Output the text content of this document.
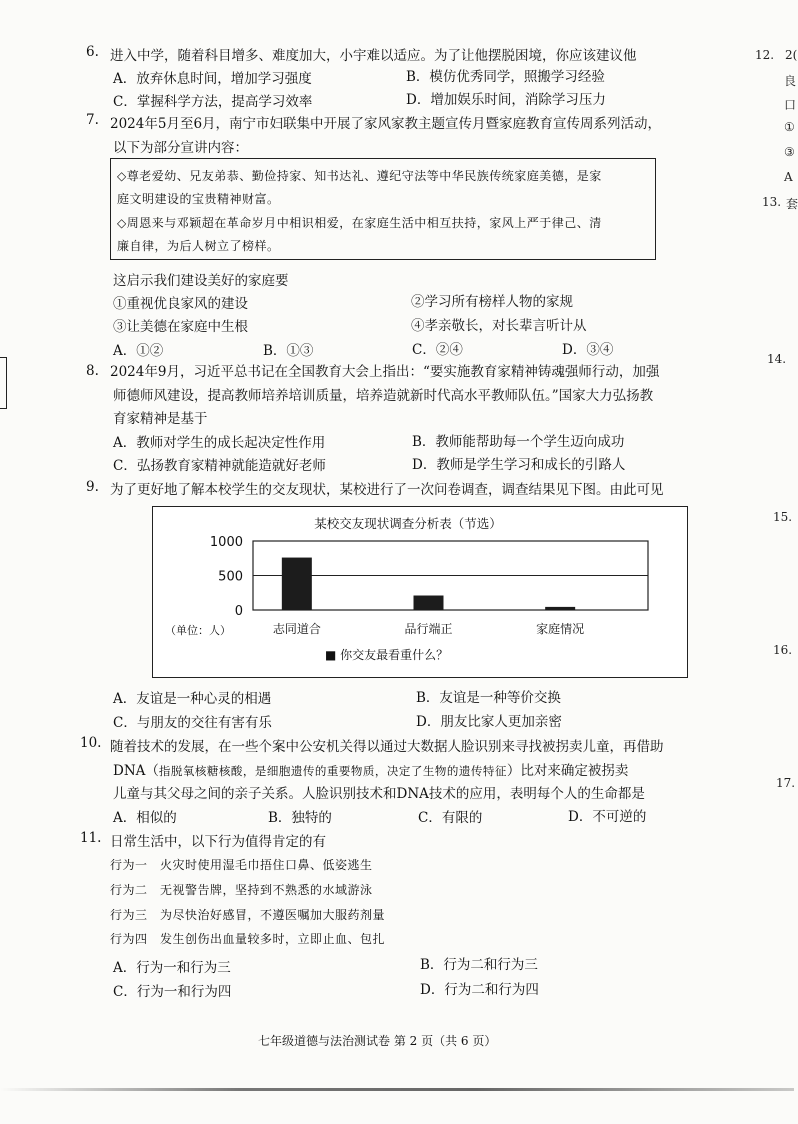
6. 进入中学，随着科目增多、难度加大，小宇难以适应。为了让他摆脱困境，你应该建议他
A．放弃休息时间，增加学习强度	B．模仿优秀同学，照搬学习经验
C．掌握科学方法，提高学习效率	D．增加娱乐时间，消除学习压力
7. 2024年5月至6月，南宁市妇联集中开展了家风家教主题宣传月暨家庭教育宣传周系列活动，
以下为部分宣讲内容：
◇尊老爱幼、兄友弟恭、勤俭持家、知书达礼、遵纪守法等中华民族传统家庭美德，是家
庭文明建设的宝贵精神财富。
◇周恩来与邓颖超在革命岁月中相识相爱，在家庭生活中相互扶持，家风上严于律己、清
廉自律，为后人树立了榜样。
这启示我们建设美好的家庭要
①重视优良家风的建设	②学习所有榜样人物的家规
③让美德在家庭中生根	④孝亲敬长，对长辈言听计从
A．①②	B．①③	C．②④	D．③④
8. 2024年9月，习近平总书记在全国教育大会上指出：“要实施教育家精神铸魂强师行动，加强
师德师风建设，提高教师培养培训质量，培养造就新时代高水平教师队伍。”国家大力弘扬教
育家精神是基于
A．教师对学生的成长起决定性作用	B．教师能帮助每一个学生迈向成功
C．弘扬教育家精神就能造就好老师	D．教师是学生学习和成长的引路人
9. 为了更好地了解本校学生的交友现状，某校进行了一次问卷调查，调查结果见下图。由此可见
某校交友现状调查分析表（节选）
1000
500
0
志同道合	品行端正	家庭情况
（单位：人）
■ 你交友最看重什么？
A．友谊是一种心灵的相遇	B．友谊是一种等价交换
C．与朋友的交往有害有乐	D．朋友比家人更加亲密
10. 随着技术的发展，在一些个案中公安机关得以通过大数据人脸识别来寻找被拐卖儿童，再借助
DNA（指脱氧核糖核酸，是细胞遗传的重要物质，决定了生物的遗传特征）比对来确定被拐卖
儿童与其父母之间的亲子关系。人脸识别技术和DNA技术的应用，表明每个人的生命都是
A．相似的	B．独特的	C．有限的	D．不可逆的
11. 日常生活中，以下行为值得肯定的有
行为一　火灾时使用湿毛巾捂住口鼻、低姿逃生
行为二　无视警告牌，坚持到不熟悉的水域游泳
行为三　为尽快治好感冒，不遵医嘱加大服药剂量
行为四　发生创伤出血量较多时，立即止血、包扎
A．行为一和行为三	B．行为二和行为三
C．行为一和行为四	D．行为二和行为四
七年级道德与法治测试卷 第 2 页（共 6 页）
12. 2(
良
口
①
③
A
13. 套
14.
15.
16.
17.
